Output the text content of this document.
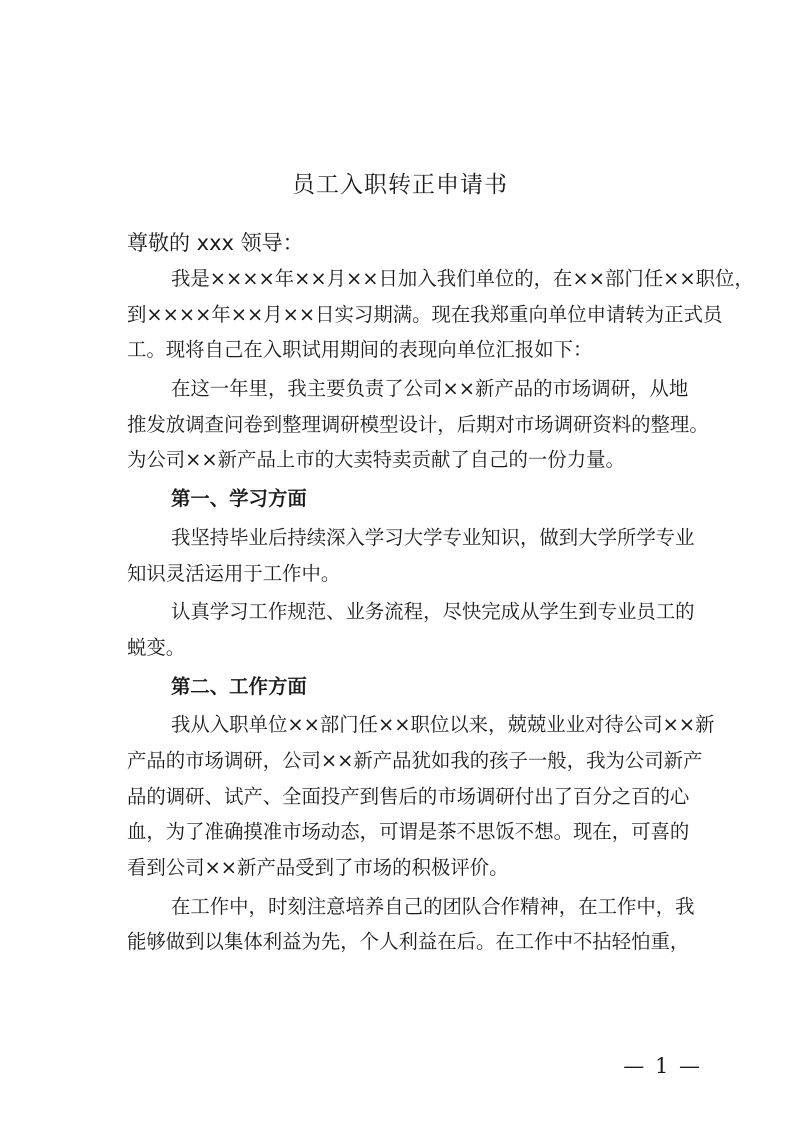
员工入职转正申请书

尊敬的 xxx 领导：

我是××××年××月××日加入我们单位的，在××部门任××职位，

到××××年××月××日实习期满。现在我郑重向单位申请转为正式员

工。现将自己在入职试用期间的表现向单位汇报如下：

在这一年里，我主要负责了公司××新产品的市场调研，从地

推发放调查问卷到整理调研模型设计，后期对市场调研资料的整理。

为公司××新产品上市的大卖特卖贡献了自己的一份力量。

第一、学习方面

我坚持毕业后持续深入学习大学专业知识，做到大学所学专业

知识灵活运用于工作中。

认真学习工作规范、业务流程，尽快完成从学生到专业员工的

蜕变。

第二、工作方面

我从入职单位××部门任××职位以来，兢兢业业对待公司××新

产品的市场调研，公司××新产品犹如我的孩子一般，我为公司新产

品的调研、试产、全面投产到售后的市场调研付出了百分之百的心

血，为了准确摸准市场动态，可谓是茶不思饭不想。现在，可喜的

看到公司××新产品受到了市场的积极评价。

在工作中，时刻注意培养自己的团队合作精神，在工作中，我

能够做到以集体利益为先，个人利益在后。在工作中不拈轻怕重，

— 1 —
